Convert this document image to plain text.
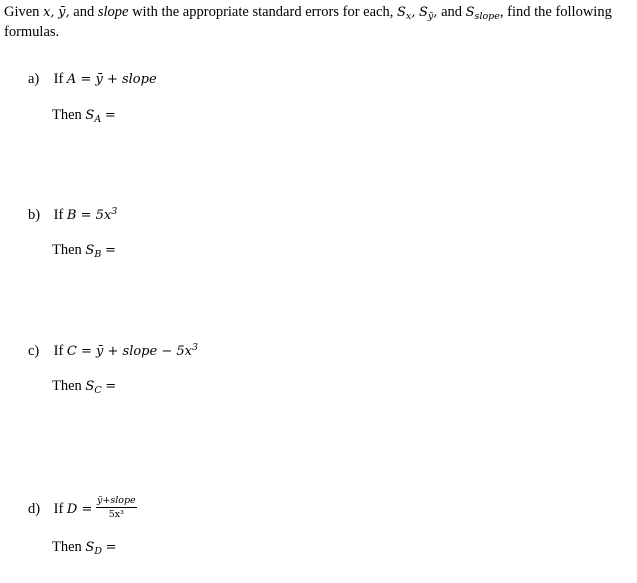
Given x, ȳ, and slope with the appropriate standard errors for each, $S_x$, $S_ȳ$, and $S_{slope}$, find the following formulas.
a) If A = ȳ + slope
Then $S_A$ =
b) If $B = 5x^3$
Then $S_B$ =
c) If C = ȳ + slope − $5x^3$
Then $S_C$ =
d) If $D = \frac{\text{ȳ+slope}}{\text{5x³}}$
Then $S_D$ =
